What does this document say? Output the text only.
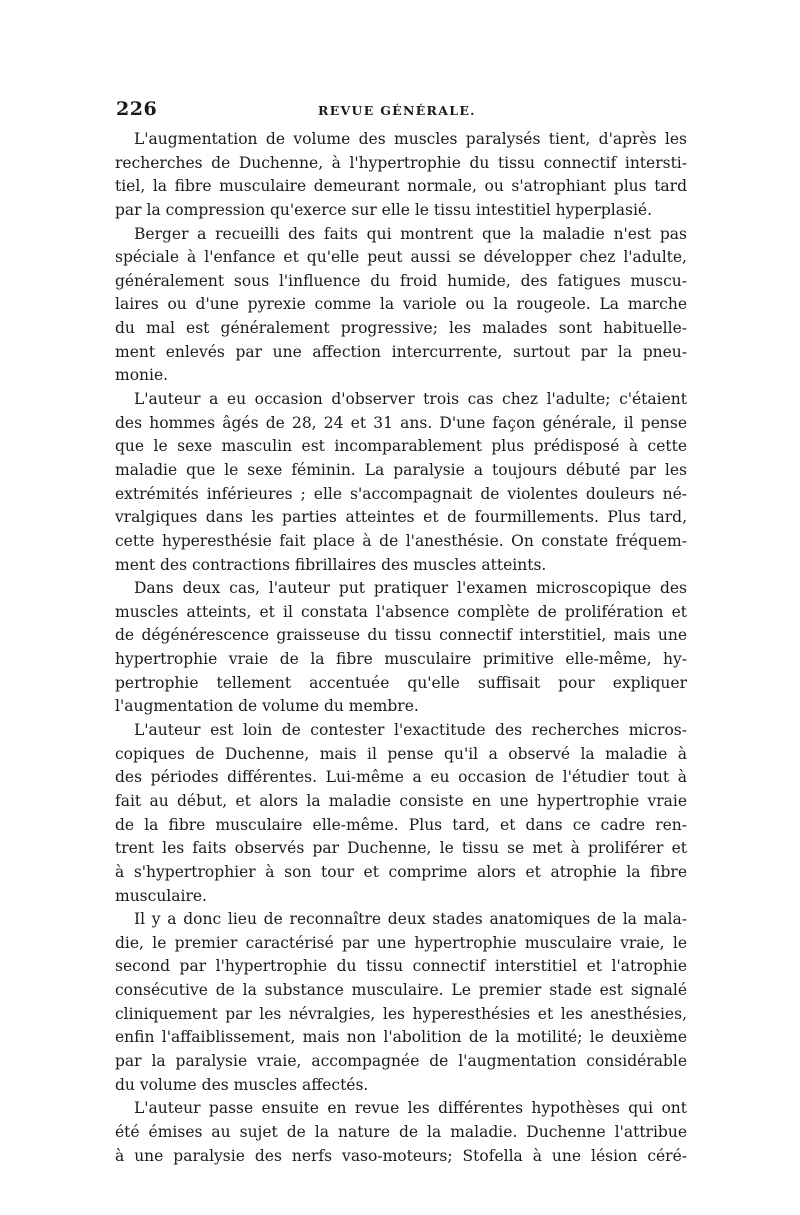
226	REVUE GÉNÉRALE.
L'augmentation de volume des muscles paralysés tient, d'après les
recherches de Duchenne, à l'hypertrophie du tissu connectif intersti-
tiel, la fibre musculaire demeurant normale, ou s'atrophiant plus tard
par la compression qu'exerce sur elle le tissu intestitiel hyperplasié.
Berger a recueilli des faits qui montrent que la maladie n'est pas
spéciale à l'enfance et qu'elle peut aussi se développer chez l'adulte,
généralement sous l'influence du froid humide, des fatigues muscu-
laires ou d'une pyrexie comme la variole ou la rougeole. La marche
du mal est généralement progressive; les malades sont habituelle-
ment enlevés par une affection intercurrente, surtout par la pneu-
monie.
L'auteur a eu occasion d'observer trois cas chez l'adulte; c'étaient
des hommes âgés de 28, 24 et 31 ans. D'une façon générale, il pense
que le sexe masculin est incomparablement plus prédisposé à cette
maladie que le sexe féminin. La paralysie a toujours débuté par les
extrémités inférieures ; elle s'accompagnait de violentes douleurs né-
vralgiques dans les parties atteintes et de fourmillements. Plus tard,
cette hyperesthésie fait place à de l'anesthésie. On constate fréquem-
ment des contractions fibrillaires des muscles atteints.
Dans deux cas, l'auteur put pratiquer l'examen microscopique des
muscles atteints, et il constata l'absence complète de prolifération et
de dégénérescence graisseuse du tissu connectif interstitiel, mais une
hypertrophie vraie de la fibre musculaire primitive elle-même, hy-
pertrophie tellement accentuée qu'elle suffisait pour expliquer
l'augmentation de volume du membre.
L'auteur est loin de contester l'exactitude des recherches micros-
copiques de Duchenne, mais il pense qu'il a observé la maladie à
des périodes différentes. Lui-même a eu occasion de l'étudier tout à
fait au début, et alors la maladie consiste en une hypertrophie vraie
de la fibre musculaire elle-même. Plus tard, et dans ce cadre ren-
trent les faits observés par Duchenne, le tissu se met à proliférer et
à s'hypertrophier à son tour et comprime alors et atrophie la fibre
musculaire.
Il y a donc lieu de reconnaître deux stades anatomiques de la mala-
die, le premier caractérisé par une hypertrophie musculaire vraie, le
second par l'hypertrophie du tissu connectif interstitiel et l'atrophie
consécutive de la substance musculaire. Le premier stade est signalé
cliniquement par les névralgies, les hyperesthésies et les anesthésies,
enfin l'affaiblissement, mais non l'abolition de la motilité; le deuxième
par la paralysie vraie, accompagnée de l'augmentation considérable
du volume des muscles affectés.
L'auteur passe ensuite en revue les différentes hypothèses qui ont
été émises au sujet de la nature de la maladie. Duchenne l'attribue
à une paralysie des nerfs vaso-moteurs; Stofella à une lésion céré-
